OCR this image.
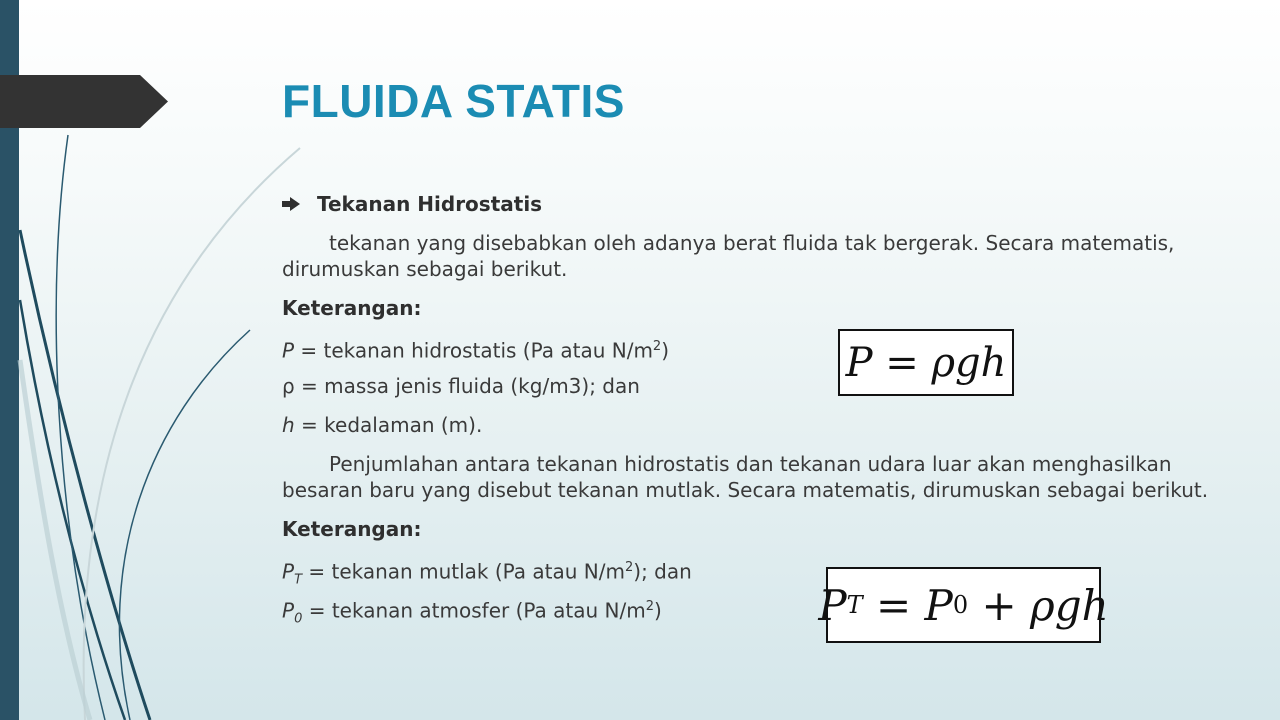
FLUIDA STATIS
Tekanan Hidrostatis
tekanan yang disebabkan oleh adanya berat fluida tak bergerak. Secara matematis, dirumuskan sebagai berikut.
Keterangan:
P = tekanan hidrostatis (Pa atau $N/m^2$)
ρ = massa jenis fluida (kg/m3); dan
h = kedalaman (m).
Penjumlahan antara tekanan hidrostatis dan tekanan udara luar akan menghasilkan besaran baru yang disebut tekanan mutlak. Secara matematis, dirumuskan sebagai berikut.
Keterangan:
$P_T$ = tekanan mutlak (Pa atau $N/m^2$); dan
$P_0$ = tekanan atmosfer (Pa atau $N/m^2$)
P = ρgh
P T = P 0 + ρgh
